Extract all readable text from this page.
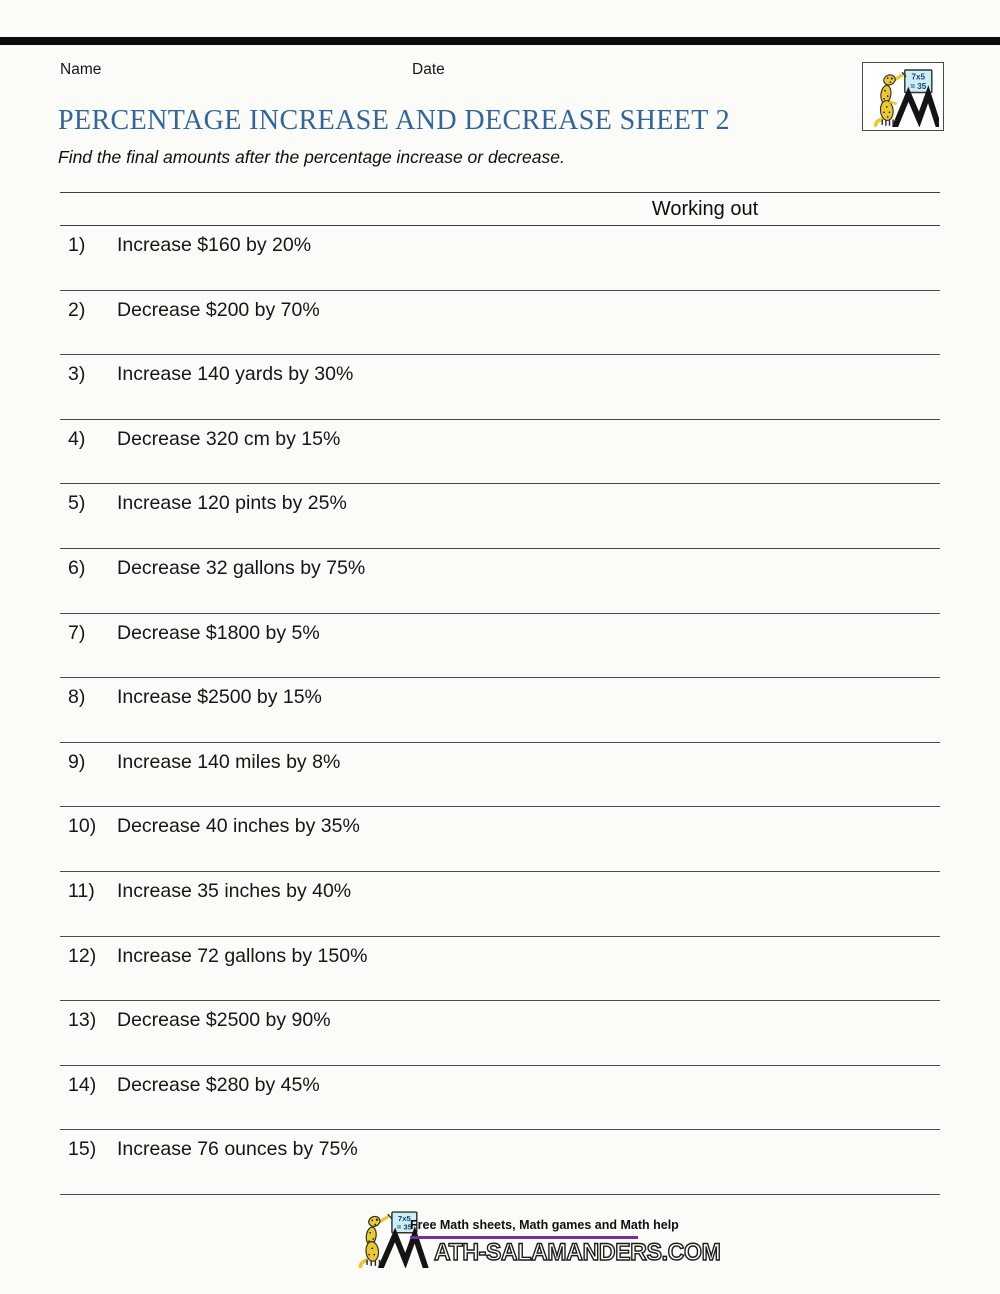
Name	Date	7x5
= 35
PERCENTAGE INCREASE AND DECREASE SHEET 2
Find the final amounts after the percentage increase or decrease.
Working out
1)	Increase $160 by 20%
2)	Decrease $200 by 70%
3)	Increase 140 yards by 30%
4)	Decrease 320 cm by 15%
5)	Increase 120 pints by 25%
6)	Decrease 32 gallons by 75%
7)	Decrease $1800 by 5%
8)	Increase $2500 by 15%
9)	Increase 140 miles by 8%
10)	Decrease 40 inches by 35%
11)	Increase 35 inches by 40%
12)	Increase 72 gallons by 150%
13)	Decrease $2500 by 90%
14)	Decrease $280 by 45%
15)	Increase 76 ounces by 75%
7x5
= 35
Free Math sheets, Math games and Math help
ATH-SALAMANDERS.COM
